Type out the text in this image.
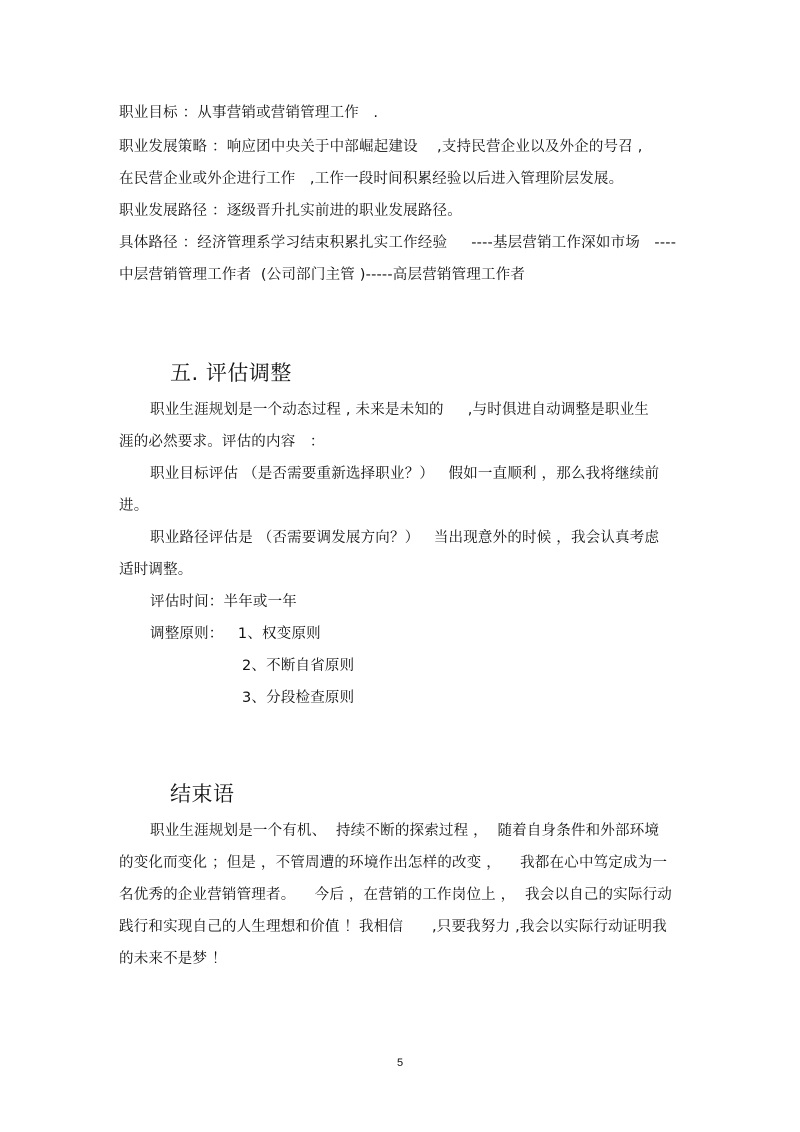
职业目标 ：从事营销或营销管理工作   .
职业发展策略 ：响应团中央关于中部崛起建设    ,支持民营企业以及外企的号召 ,
在民营企业或外企进行工作   ,工作一段时间积累经验以后进入管理阶层发展。
职业发展路径 ：逐级晋升扎实前进的职业发展路径。
具体路径 ：经济管理系学习结束积累扎实工作经验     ----基层营销工作深如市场   ----
中层营销管理工作者  (公司部门主管 )-----高层营销管理工作者
五. 评估调整
职业生涯规划是一个动态过程 , 未来是未知的     ,与时俱进自动调整是职业生
涯的必然要求。评估的内容   ：
职业目标评估 （是否需要重新选择职业？）   假如一直顺利 ，那么我将继续前
进。
职业路径评估是 （否需要调发展方向？）   当出现意外的时候 ，我会认真考虑
适时调整。
评估时间：半年或一年
调整原则：   1、权变原则
2、不断自省原则
3、分段检查原则
结束语
职业生涯规划是一个有机、  持续不断的探索过程 ，  随着自身条件和外部环境
的变化而变化 ；但是 ，不管周遭的环境作出怎样的改变 ，    我都在心中笃定成为一
名优秀的企业营销管理者。    今后 ，在营销的工作岗位上 ，  我会以自己的实际行动
践行和实现自己的人生理想和价值 ！我相信      ,只要我努力 ,我会以实际行动证明我
的未来不是梦 ！
5
